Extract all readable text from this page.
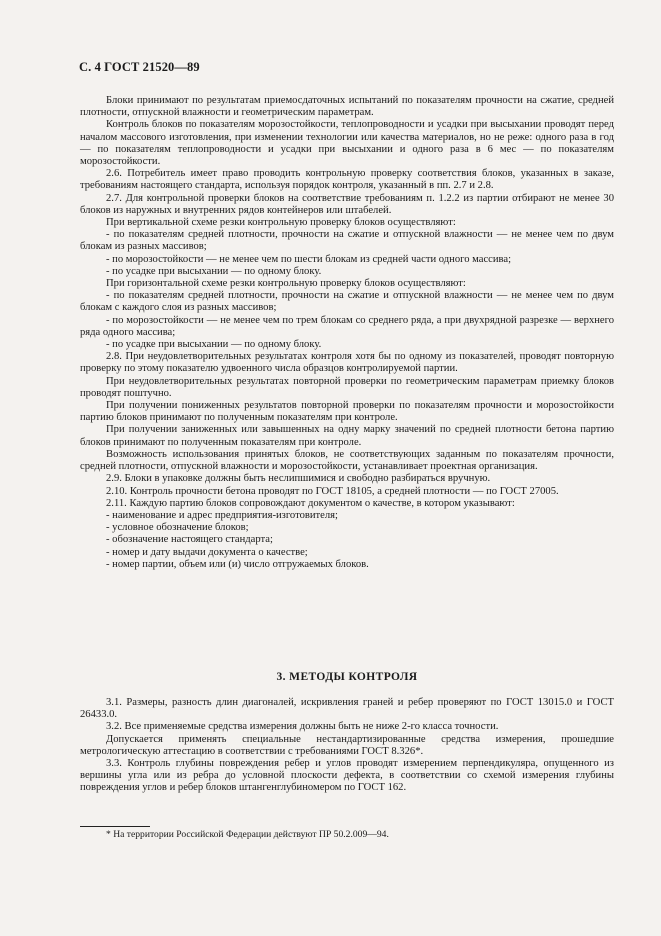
С. 4 ГОСТ 21520—89

Блоки принимают по результатам приемосдаточных испытаний по показателям прочности на сжатие, средней плотности, отпускной влажности и геометрическим параметрам.

Контроль блоков по показателям морозостойкости, теплопроводности и усадки при высыхании проводят перед началом массового изготовления, при изменении технологии или качества материалов, но не реже: одного раза в год — по показателям теплопроводности и усадки при высыхании и одного раза в 6 мес — по показателям морозостойкости.

2.6. Потребитель имеет право проводить контрольную проверку соответствия блоков, указанных в заказе, требованиям настоящего стандарта, используя порядок контроля, указанный в пп. 2.7 и 2.8.

2.7. Для контрольной проверки блоков на соответствие требованиям п. 1.2.2 из партии отбирают не менее 30 блоков из наружных и внутренних рядов контейнеров или штабелей.

При вертикальной схеме резки контрольную проверку блоков осуществляют:

- по показателям средней плотности, прочности на сжатие и отпускной влажности — не менее чем по двум блокам из разных массивов;

- по морозостойкости — не менее чем по шести блокам из средней части одного массива;

- по усадке при высыхании — по одному блоку.

При горизонтальной схеме резки контрольную проверку блоков осуществляют:

- по показателям средней плотности, прочности на сжатие и отпускной влажности — не менее чем по двум блокам с каждого слоя из разных массивов;

- по морозостойкости — не менее чем по трем блокам со среднего ряда, а при двухрядной разрезке — верхнего ряда одного массива;

- по усадке при высыхании — по одному блоку.

2.8. При неудовлетворительных результатах контроля хотя бы по одному из показателей, проводят повторную проверку по этому показателю удвоенного числа образцов контролируемой партии.

При неудовлетворительных результатах повторной проверки по геометрическим параметрам приемку блоков проводят поштучно.

При получении пониженных результатов повторной проверки по показателям прочности и морозостойкости партию блоков принимают по полученным показателям при контроле.

При получении заниженных или завышенных на одну марку значений по средней плотности бетона партию блоков принимают по полученным показателям при контроле.

Возможность использования принятых блоков, не соответствующих заданным по показателям прочности, средней плотности, отпускной влажности и морозостойкости, устанавливает проектная организация.

2.9. Блоки в упаковке должны быть неслипшимися и свободно разбираться вручную.

2.10. Контроль прочности бетона проводят по ГОСТ 18105, а средней плотности — по ГОСТ 27005.

2.11. Каждую партию блоков сопровождают документом о качестве, в котором указывают:

- наименование и адрес предприятия-изготовителя;

- условное обозначение блоков;

- обозначение настоящего стандарта;

- номер и дату выдачи документа о качестве;

- номер партии, объем или (и) число отгружаемых блоков.

3. МЕТОДЫ КОНТРОЛЯ

3.1. Размеры, разность длин диагоналей, искривления граней и ребер проверяют по ГОСТ 13015.0 и ГОСТ 26433.0.

3.2. Все применяемые средства измерения должны быть не ниже 2-го класса точности.

Допускается применять специальные нестандартизированные средства измерения, прошедшие метрологическую аттестацию в соответствии с требованиями ГОСТ 8.326*.

3.3. Контроль глубины повреждения ребер и углов проводят измерением перпендикуляра, опущенного из вершины угла или из ребра до условной плоскости дефекта, в соответствии со схемой измерения глубины повреждения углов и ребер блоков штангенглубиномером по ГОСТ 162.

* На территории Российской Федерации действуют ПР 50.2.009—94.
